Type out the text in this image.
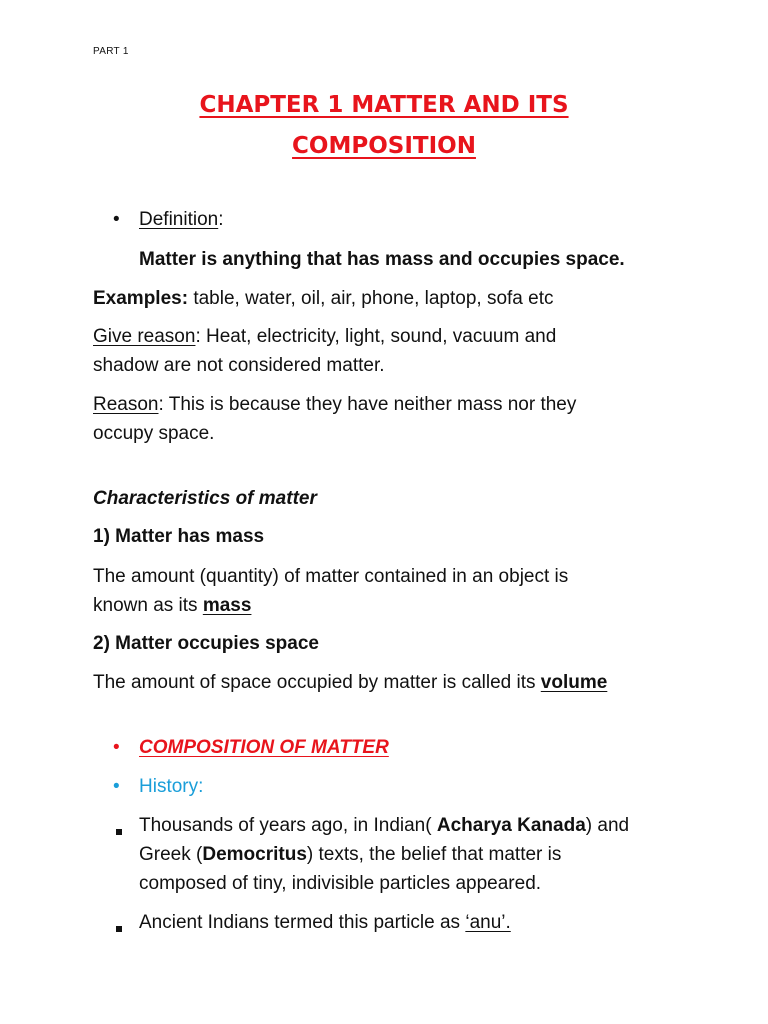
PART 1
CHAPTER 1 MATTER AND ITS
COMPOSITION
• Definition:
Matter is anything that has mass and occupies space.
Examples: table, water, oil, air, phone, laptop, sofa etc
Give reason: Heat, electricity, light, sound, vacuum and
shadow are not considered matter.
Reason: This is because they have neither mass nor they
occupy space.
Characteristics of matter
1) Matter has mass
The amount (quantity) of matter contained in an object is
known as its mass
2) Matter occupies space
The amount of space occupied by matter is called its volume
• COMPOSITION OF MATTER
• History:
Thousands of years ago, in Indian( Acharya Kanada) and
Greek (Democritus) texts, the belief that matter is
composed of tiny, indivisible particles appeared.
Ancient Indians termed this particle as ‘anu’.
